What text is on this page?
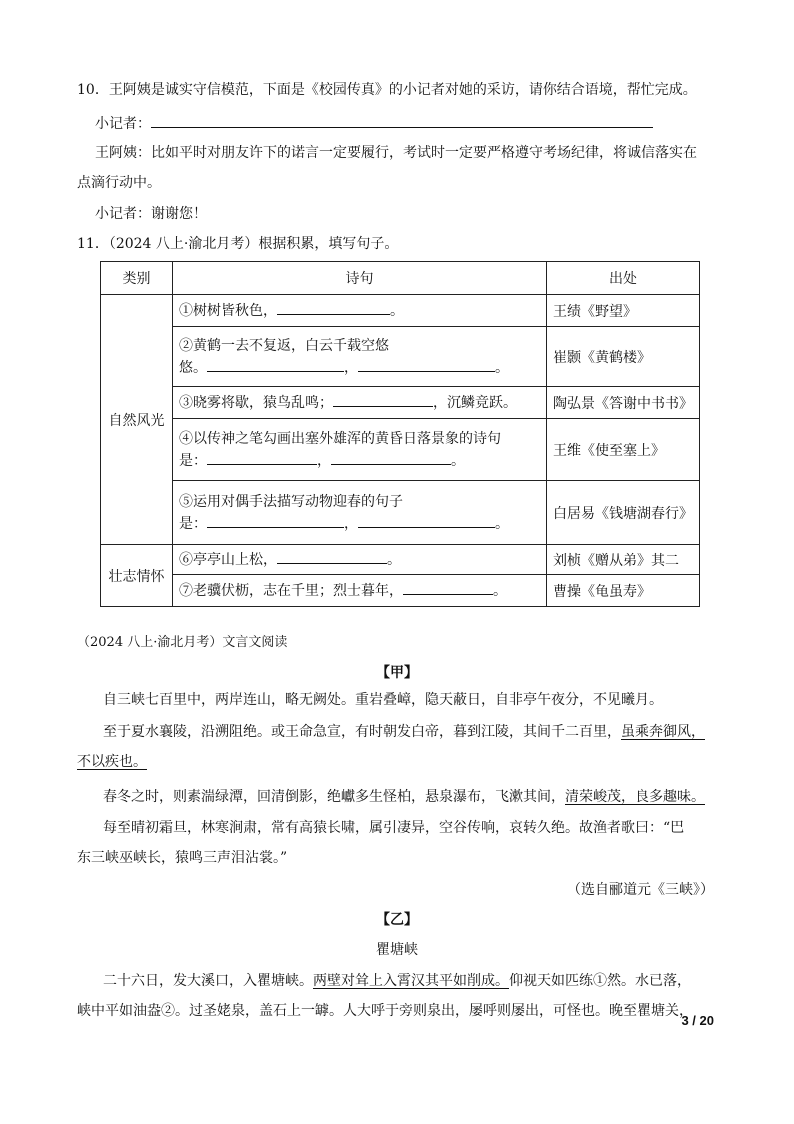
10．王阿姨是诚实守信模范，下面是《校园传真》的小记者对她的采访，请你结合语境，帮忙完成。
小记者：
王阿姨：比如平时对朋友许下的诺言一定要履行，考试时一定要严格遵守考场纪律，将诚信落实在
点滴行动中。
小记者：谢谢您！
11．（2024 八上·渝北月考）根据积累，填写句子。
类别	诗句	出处
自然风光	①树树皆秋色， 。	王绩《野望》

	②黄鹤一去不复返，白云千载空悠
悠。 ， 。	崔颢《黄鹤楼》

	③晓雾将歇，猿鸟乱鸣； ，沉鳞竞跃。	陶弘景《答谢中书书》

	④以传神之笔勾画出塞外雄浑的黄昏日落景象的诗句
是： ， 。	王维《使至塞上》

	⑤运用对偶手法描写动物迎春的句子
是： ， 。	白居易《钱塘湖春行》
壮志情怀	⑥亭亭山上松， 。	刘桢《赠从弟》其二

	⑦老骥伏枥，志在千里；烈士暮年， 。	曹操《龟虽寿》
（2024 八上·渝北月考）文言文阅读
【甲】
自三峡七百里中，两岸连山，略无阙处。重岩叠嶂，隐天蔽日，自非亭午夜分，不见曦月。
至于夏水襄陵，沿溯阻绝。或王命急宣，有时朝发白帝，暮到江陵，其间千二百里，虽乘奔御风，
不以疾也。
春冬之时，则素湍绿潭，回清倒影，绝巘多生怪柏，悬泉瀑布，飞漱其间，清荣峻茂，良多趣味。
每至晴初霜旦，林寒涧肃，常有高猿长啸，属引凄异，空谷传响，哀转久绝。故渔者歌曰：“巴
东三峡巫峡长，猿鸣三声泪沾裳。”
（选自郦道元《三峡》）
【乙】
瞿塘峡
二十六日，发大溪口，入瞿塘峡。两壁对耸上入霄汉其平如削成。仰视天如匹练①然。水已落，
峡中平如油盎②。过圣姥泉，盖石上一罅。人大呼于旁则泉出，屡呼则屡出，可怪也。晚至瞿塘关，
3 / 20
